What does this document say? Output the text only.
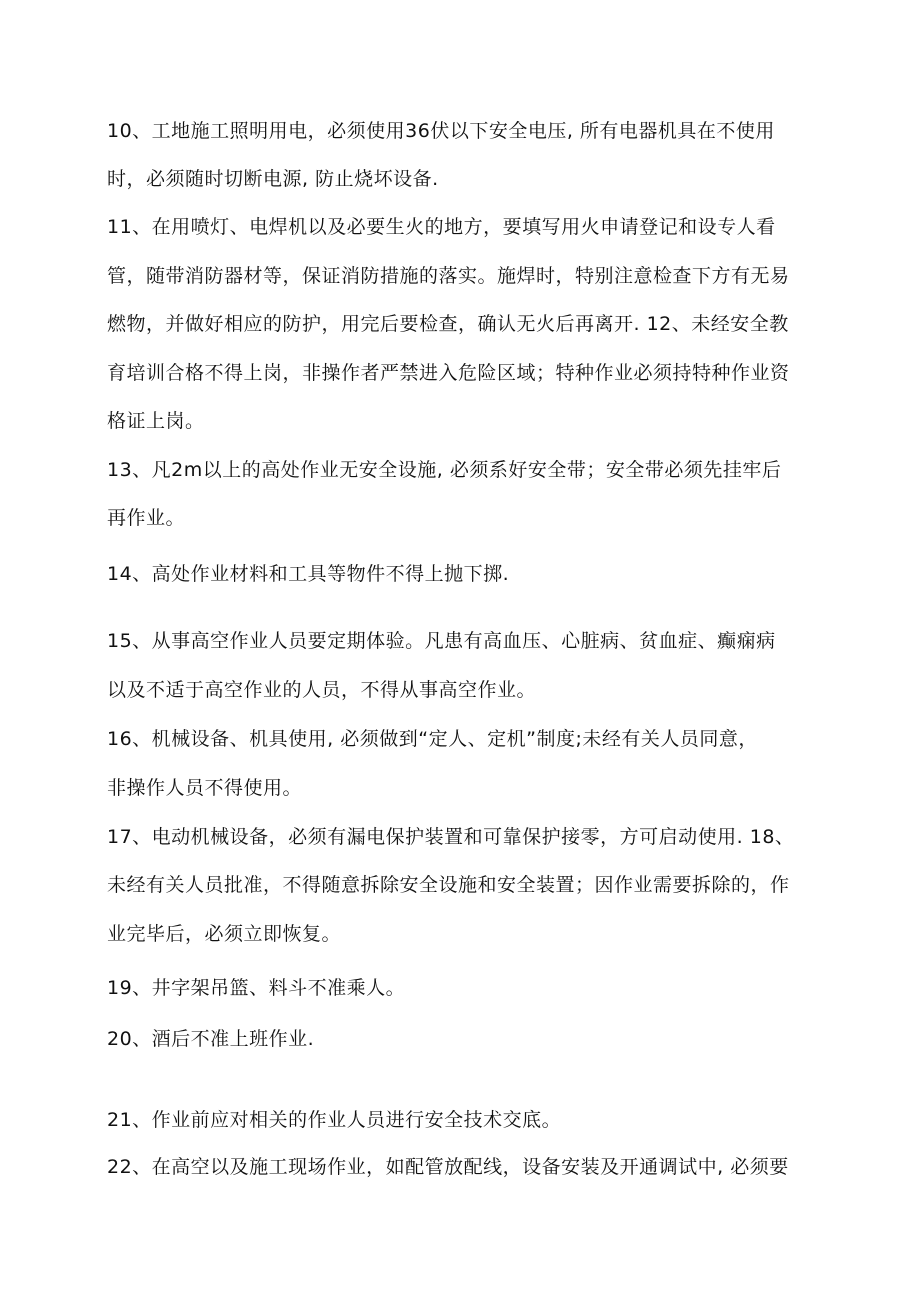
10、工地施工照明用电，必须使用36伏以下安全电压, 所有电器机具在不使用
时，必须随时切断电源, 防止烧坏设备.
11、在用喷灯、电焊机以及必要生火的地方，要填写用火申请登记和设专人看
管，随带消防器材等，保证消防措施的落实。施焊时，特别注意检查下方有无易
燃物，并做好相应的防护，用完后要检查，确认无火后再离开. 12、未经安全教
育培训合格不得上岗，非操作者严禁进入危险区域；特种作业必须持特种作业资
格证上岗。
13、凡2m以上的高处作业无安全设施, 必须系好安全带；安全带必须先挂牢后
再作业。
14、高处作业材料和工具等物件不得上抛下掷.
15、从事高空作业人员要定期体验。凡患有高血压、心脏病、贫血症、癫痫病
以及不适于高空作业的人员，不得从事高空作业。
16、机械设备、机具使用, 必须做到“定人、定机”制度;未经有关人员同意，
非操作人员不得使用。
17、电动机械设备，必须有漏电保护装置和可靠保护接零，方可启动使用. 18、
未经有关人员批准，不得随意拆除安全设施和安全装置；因作业需要拆除的，作
业完毕后，必须立即恢复。
19、井字架吊篮、料斗不准乘人。
20、酒后不准上班作业.
21、作业前应对相关的作业人员进行安全技术交底。
22、在高空以及施工现场作业，如配管放配线，设备安装及开通调试中, 必须要
